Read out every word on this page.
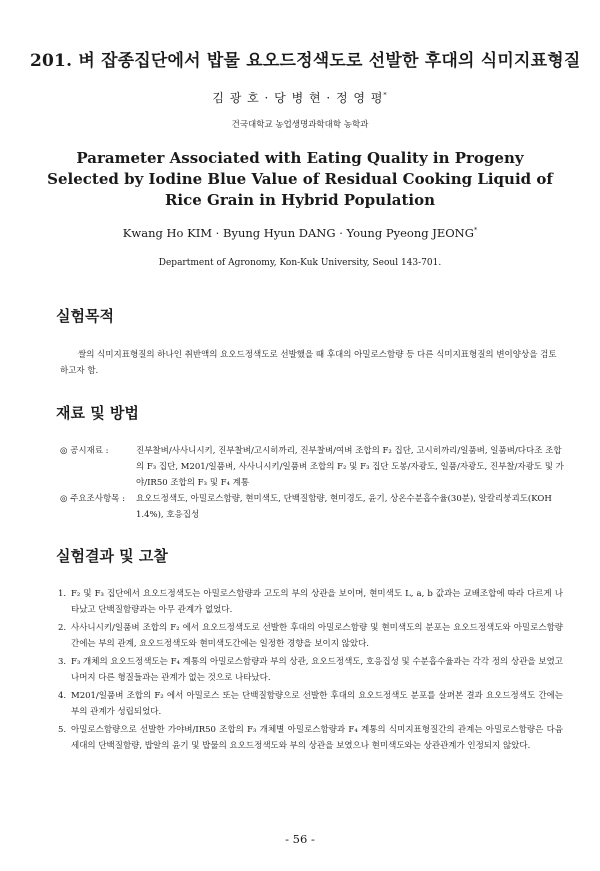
201. 벼 잡종집단에서 밥물 요오드정색도로 선발한 후대의 식미지표형질
김 광 호 · 당 병 현 · 정 영 평*
건국대학교 농업생명과학대학 농학과
Parameter Associated with Eating Quality in Progeny Selected by Iodine Blue Value of Residual Cooking Liquid of Rice Grain in Hybrid Population
Kwang Ho KIM · Byung Hyun DANG · Young Pyeong JEONG*
Department of Agronomy, Kon-Kuk University, Seoul 143-701.
실험목적
쌀의 식미지표형질의 하나인 취반액의 요오드정색도로 선발했을 때 후대의 아밀로스함량 등 다른 식미지표형질의 변이양상을 검토하고자 함.
재료 및 방법
◎ 공시재료 :	진부찰벼/사사니시키, 진부찰벼/고시히까리, 진부찰벼/여벼 조합의 F₂ 집단, 고시히까리/일품벼, 일품벼/다다조 조합의 F₃ 집단, M201/일품벼, 사사니시키/일품벼 조합의 F₂ 및 F₃ 집단 도봉/자광도, 일품/자광도, 진부찰/자광도 및 가야/IR50 조합의 F₃ 및 F₄ 계통
◎ 주요조사항목 :	요오드정색도, 아밀로스함량, 현미색도, 단백질함량, 현미경도, 윤기, 상온수분흡수율(30분), 알칼리붕괴도(KOH 1.4%), 호응집성
실험결과 및 고찰
1. F₂ 및 F₃ 집단에서 요오드정색도는 아밀로스함량과 고도의 부의 상관을 보이며, 현미색도 L, a, b 값과는 교배조합에 따라 다르게 나타났고 단백질함량과는 아무 관계가 없었다.
2. 사사니시키/일품벼 조합의 F₂ 에서 요오드정색도로 선발한 후대의 아밀로스함량 및 현미색도의 분포는 요오드정색도와 아밀로스함량간에는 부의 관계, 요오드정색도와 현미색도간에는 일정한 경향을 보이지 않았다.
3. F₃ 개체의 요오드정색도는 F₄ 계통의 아밀로스함량과 부의 상관, 요오드정색도, 호응집성 및 수분흡수율과는 각각 정의 상관을 보였고 나머지 다른 형질들과는 관계가 없는 것으로 나타났다.
4. M201/일품벼 조합의 F₂ 에서 아밀로스 또는 단백질함량으로 선발한 후대의 요오드정색도 분포를 살펴본 결과 요오드정색도 간에는 부의 관계가 성립되었다.
5. 아밀로스함량으로 선발한 가야벼/IR50 조합의 F₃ 개체별 아밀로스함량과 F₄ 계통의 식미지표형질간의 관계는 아밀로스함량은 다음세대의 단백질함량, 밥알의 윤기 및 밥물의 요오드정색도와 부의 상관을 보였으나 현미색도와는 상관관계가 인정되지 않았다.
- 56 -
